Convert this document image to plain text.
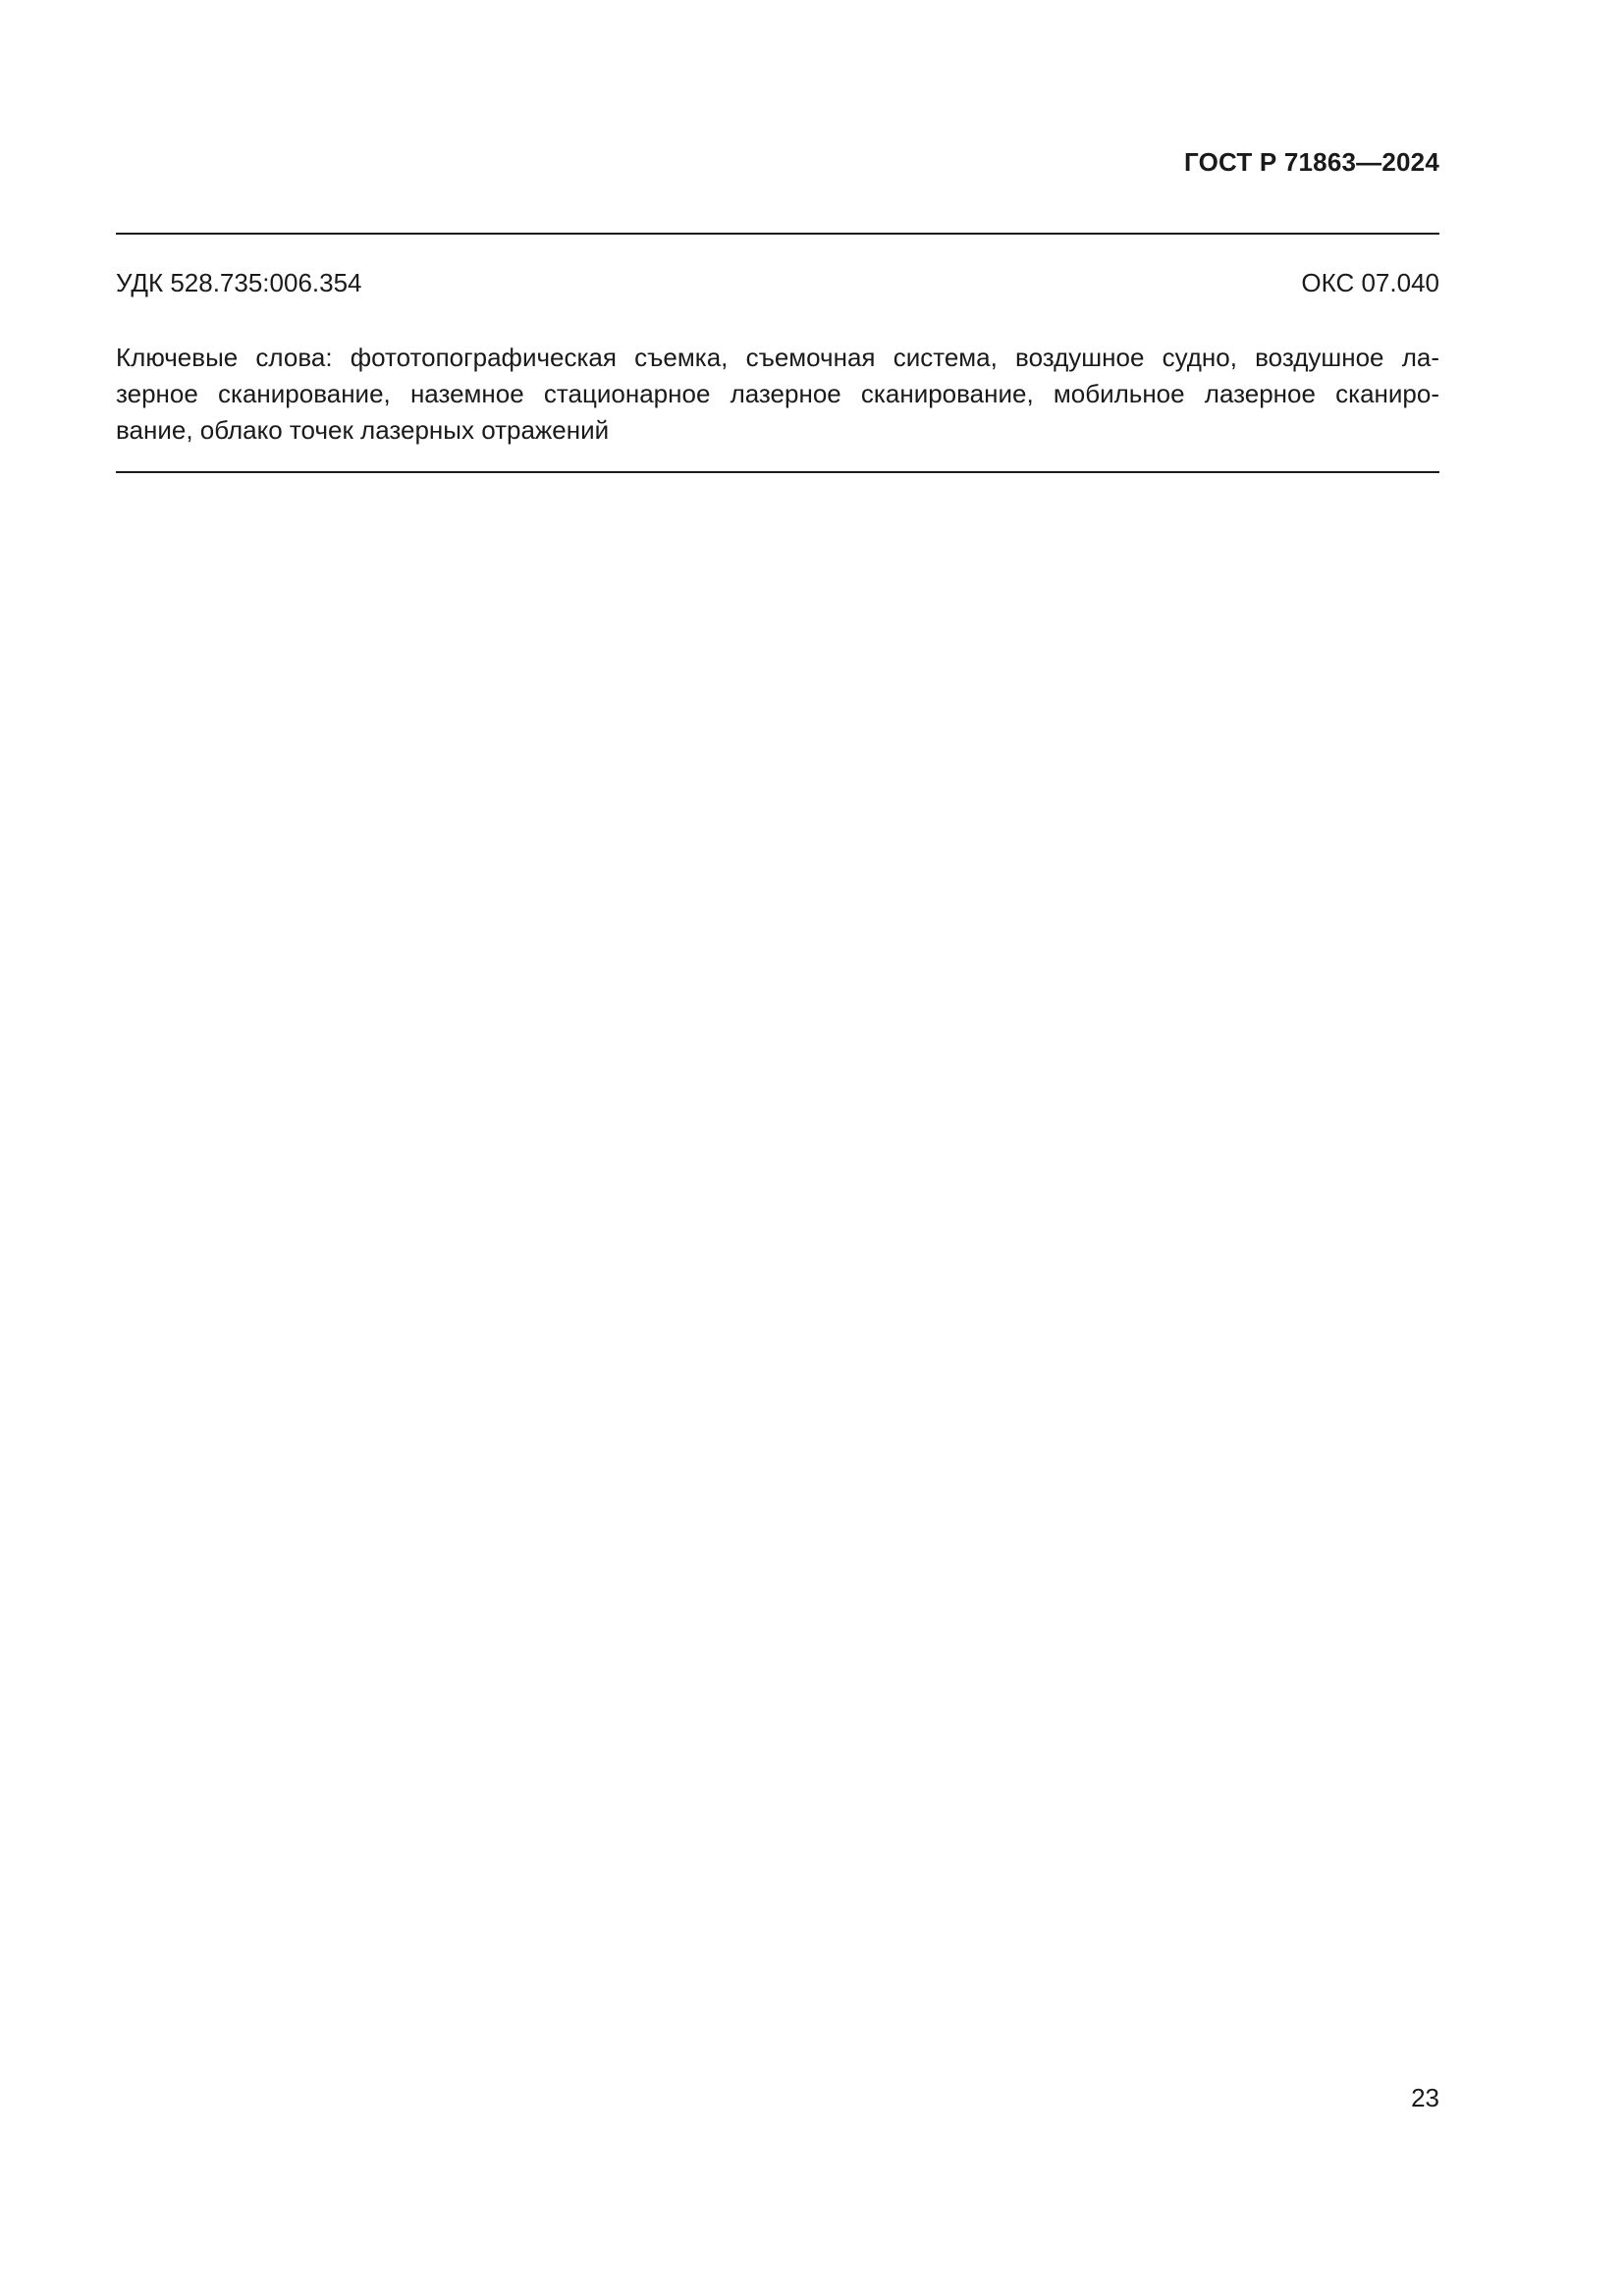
ГОСТ Р 71863—2024
УДК 528.735:006.354	ОКС 07.040
Ключевые слова: фототопографическая съемка, съемочная система, воздушное судно, воздушное ла-
зерное сканирование, наземное стационарное лазерное сканирование, мобильное лазерное сканиро-
вание, облако точек лазерных отражений
23
